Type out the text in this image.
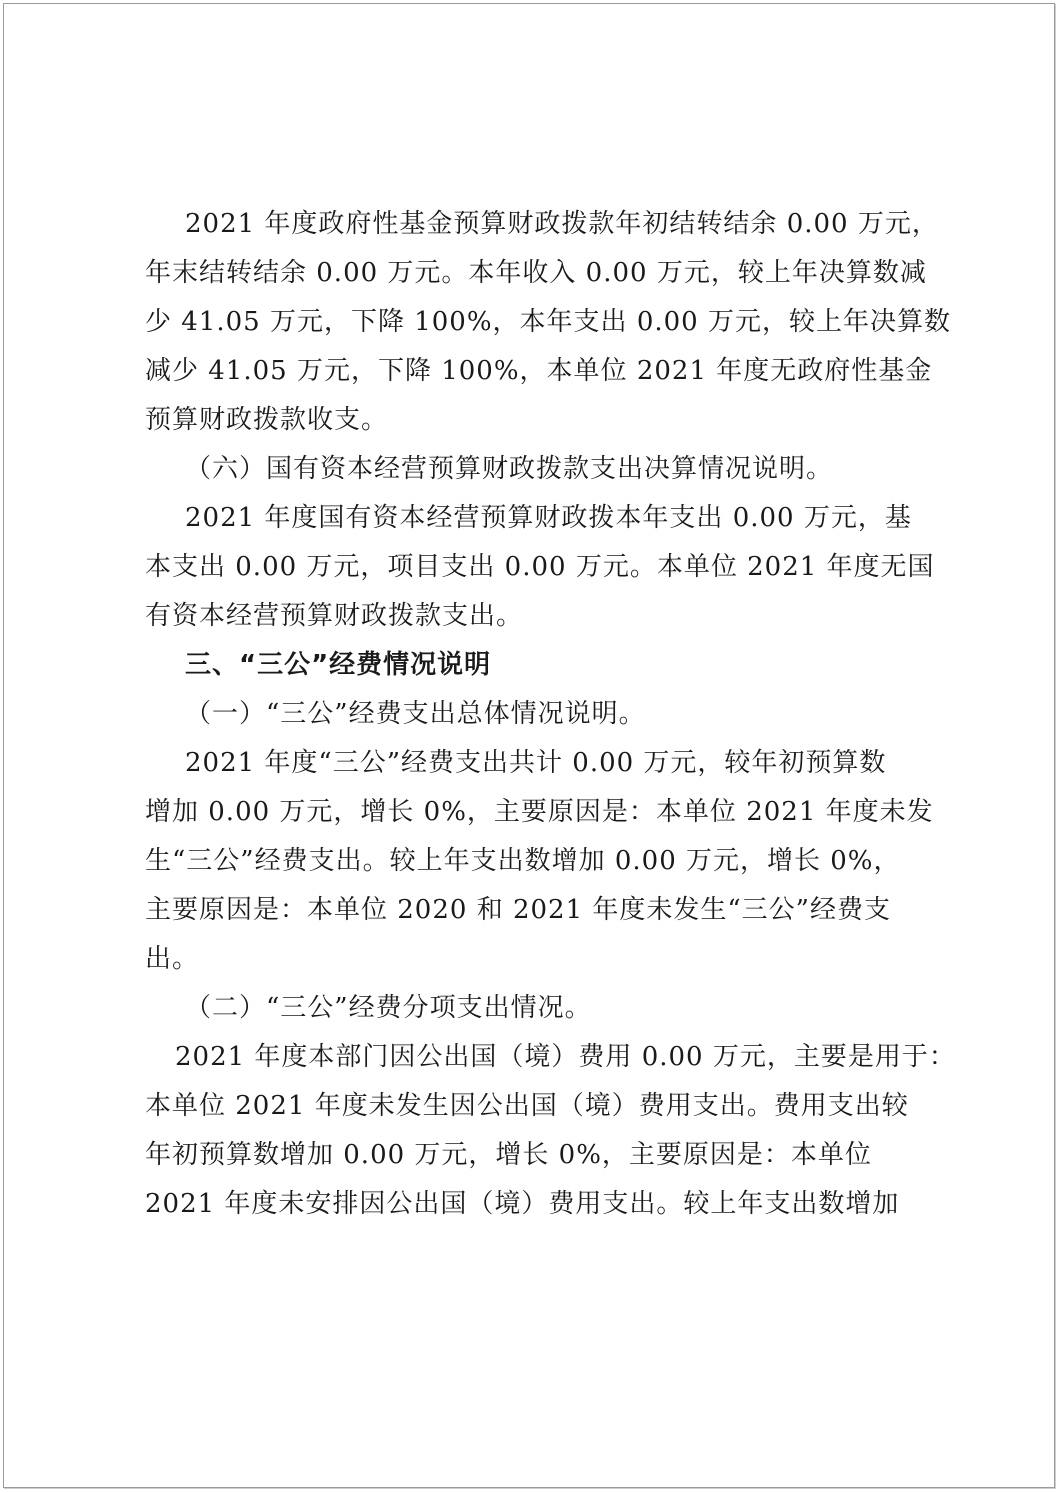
2021 年度政府性基金预算财政拨款年初结转结余 0.00 万元，
年末结转结余 0.00 万元。本年收入 0.00 万元，较上年决算数减
少 41.05 万元，下降 100%，本年支出 0.00 万元，较上年决算数
减少 41.05 万元，下降 100%，本单位 2021 年度无政府性基金
预算财政拨款收支。
（六）国有资本经营预算财政拨款支出决算情况说明。
2021 年度国有资本经营预算财政拨本年支出 0.00 万元，基
本支出 0.00 万元，项目支出 0.00 万元。本单位 2021 年度无国
有资本经营预算财政拨款支出。
三、“三公”经费情况说明
（一）“三公”经费支出总体情况说明。
2021 年度“三公”经费支出共计 0.00 万元，较年初预算数
增加 0.00 万元，增长 0%，主要原因是：本单位 2021 年度未发
生“三公”经费支出。较上年支出数增加 0.00 万元，增长 0%，
主要原因是：本单位 2020 和 2021 年度未发生“三公”经费支
出。
（二）“三公”经费分项支出情况。
2021 年度本部门因公出国（境）费用 0.00 万元，主要是用于：
本单位 2021 年度未发生因公出国（境）费用支出。费用支出较
年初预算数增加 0.00 万元，增长 0%，主要原因是：本单位
2021 年度未安排因公出国（境）费用支出。较上年支出数增加
